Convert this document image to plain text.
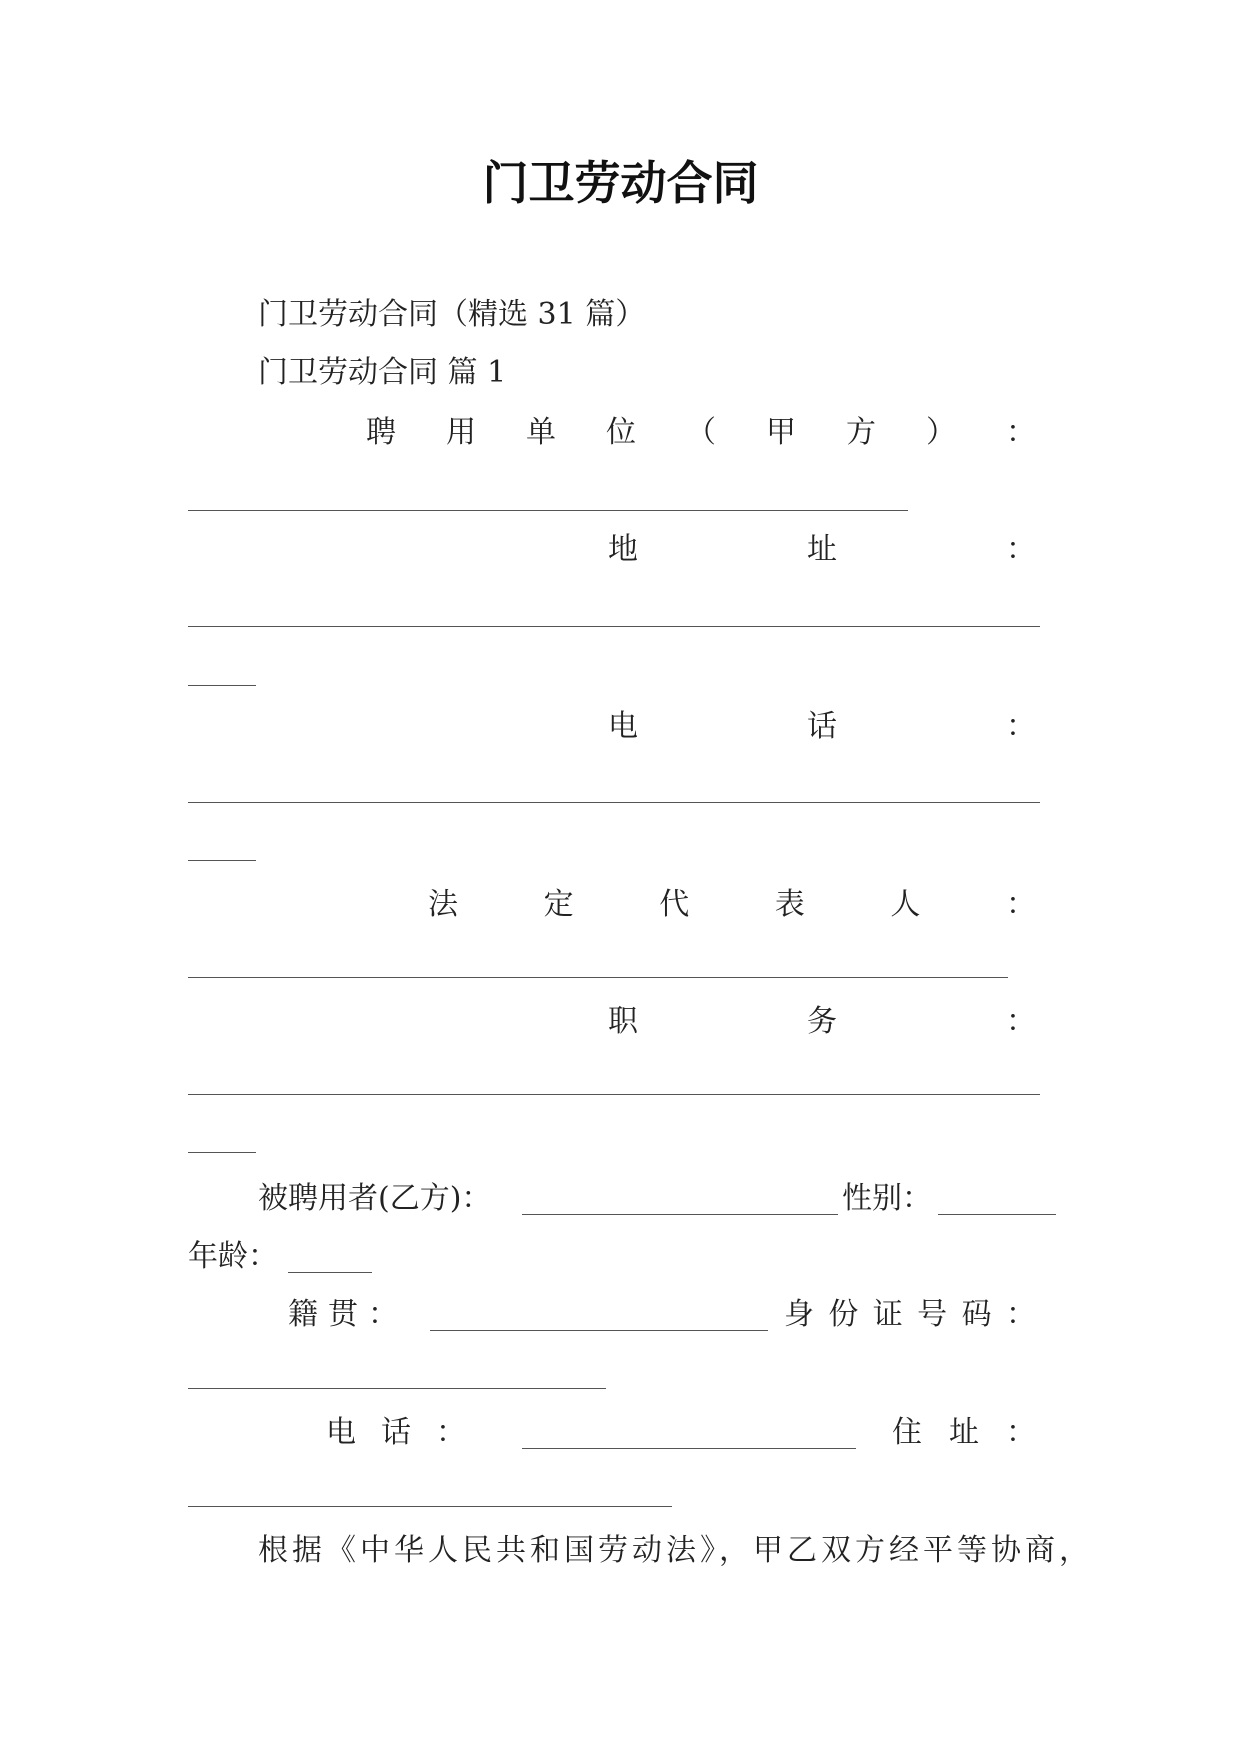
门卫劳动合同
门卫劳动合同（精选 31 篇）
门卫劳动合同 篇 1
聘 用 单 位 （ 甲 方 ） ：
地	址	：
电	话	：
法	定	代	表	人	：
职	务	：
被聘用者(乙方)：	性别：
年龄：
籍 贯 ：	身 份 证 号 码 ：
电 话 ：	住 址 ：
根据《中华人民共和国劳动法》，甲乙双方经平等协商，
